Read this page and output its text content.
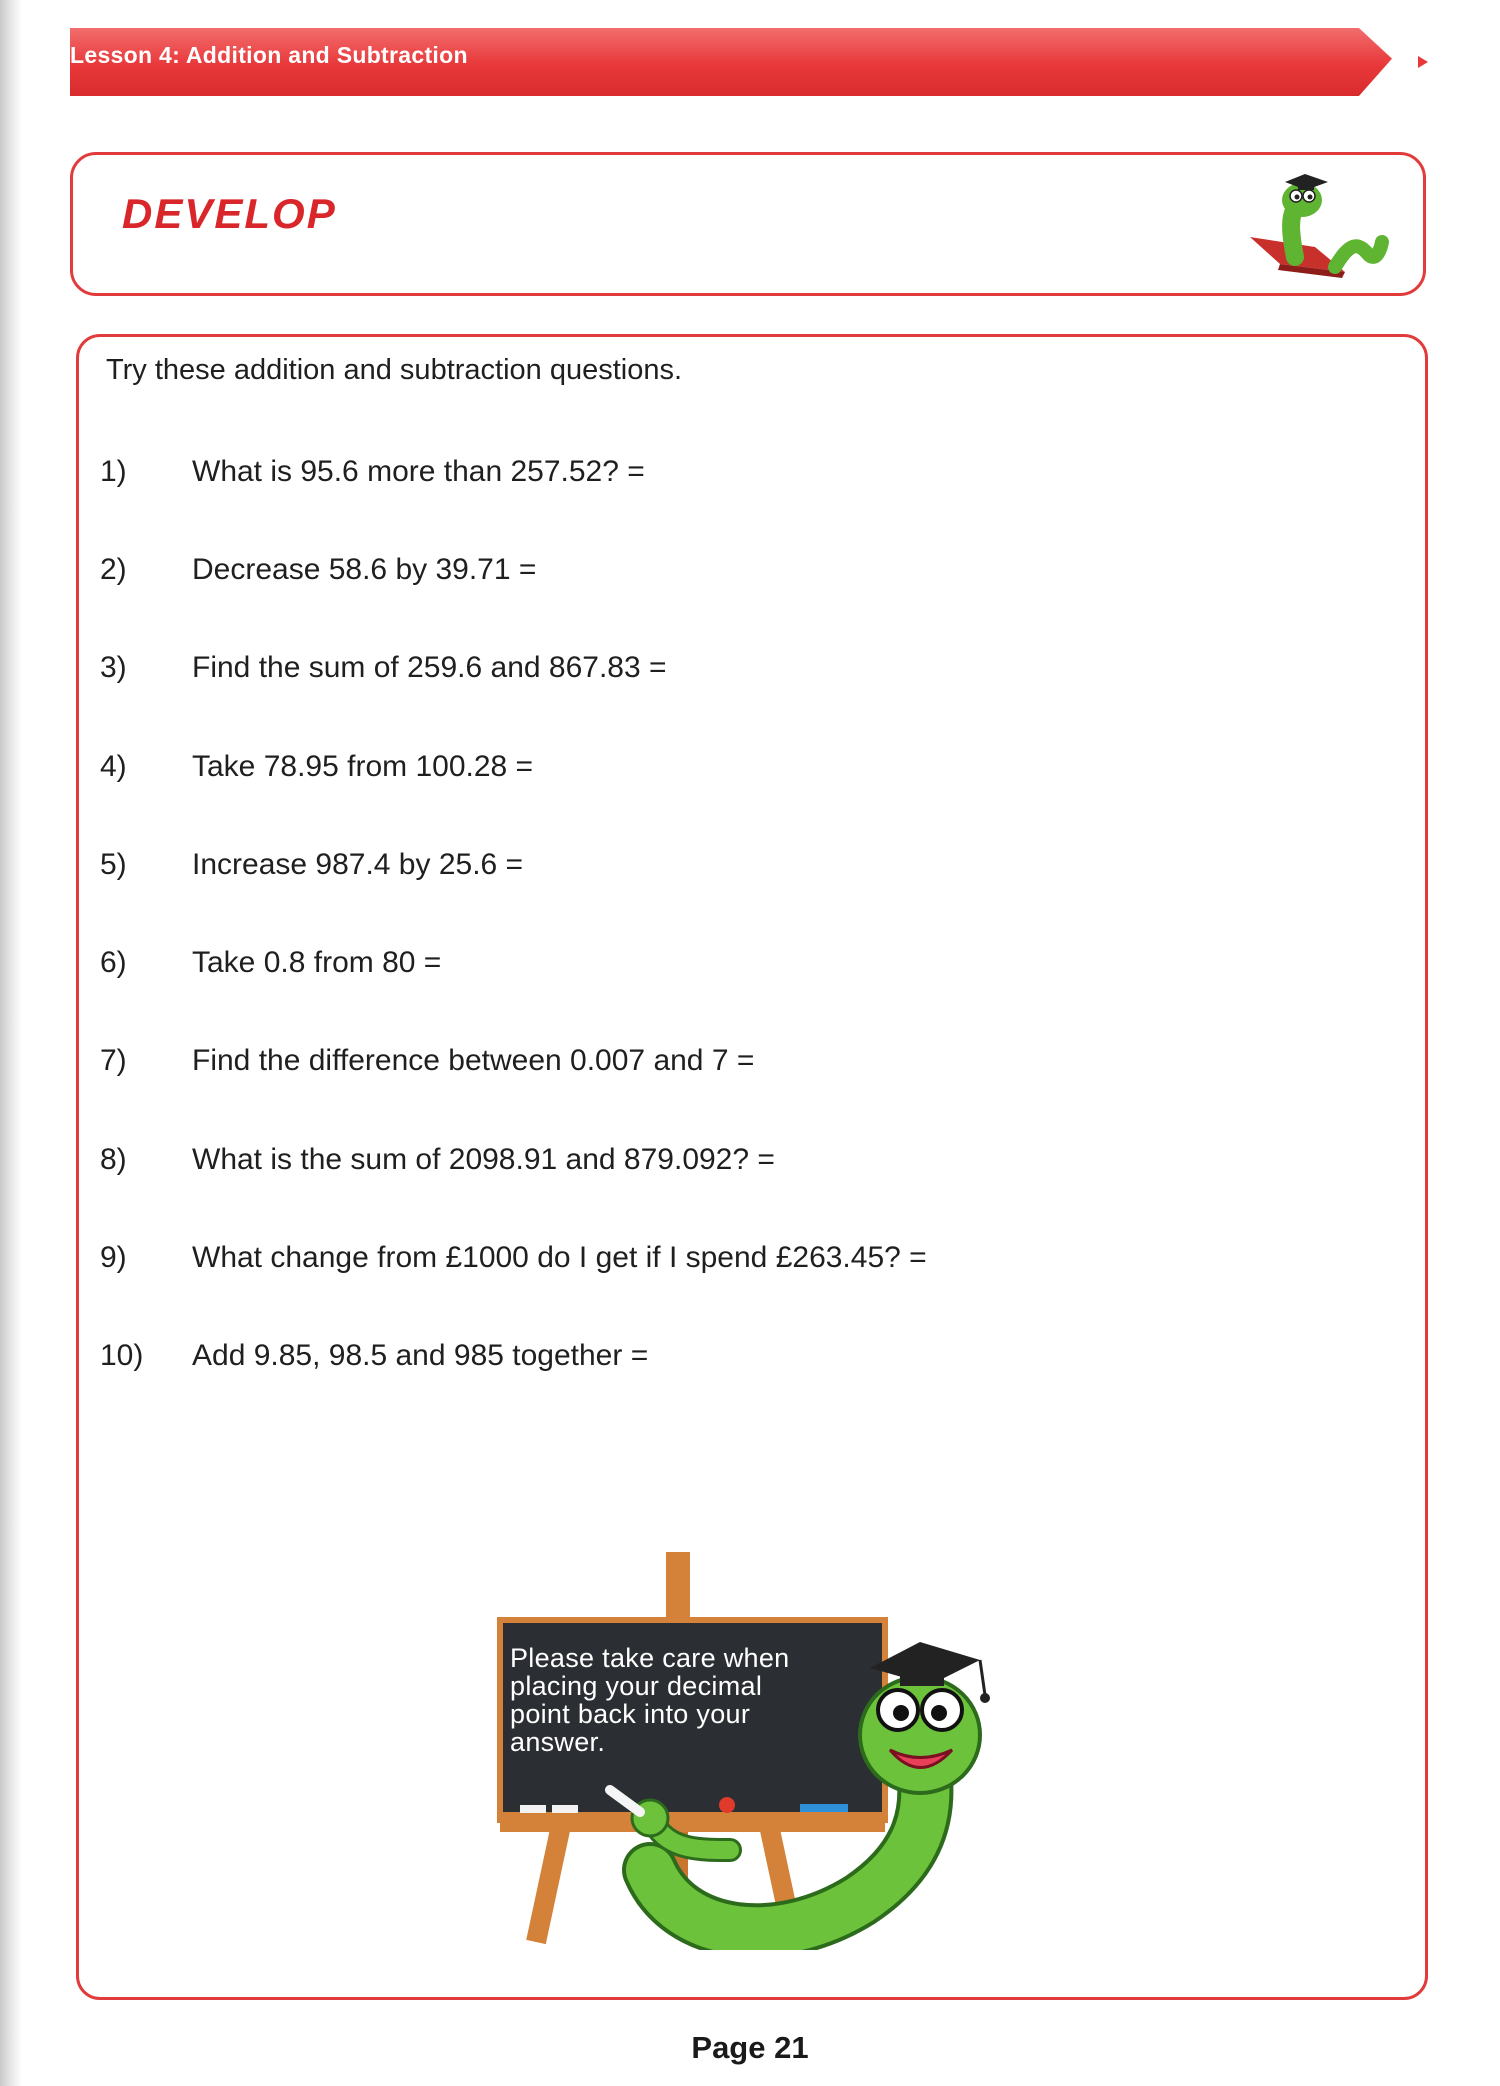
Lesson 4: Addition and Subtraction
DEVELOP
Try these addition and subtraction questions.
1) What is 95.6 more than 257.52? =
2) Decrease 58.6 by 39.71 =
3) Find the sum of 259.6 and 867.83 =
4) Take 78.95 from 100.28 =
5) Increase 987.4 by 25.6 =
6) Take 0.8 from 80 =
7) Find the difference between 0.007 and 7 =
8) What is the sum of 2098.91 and 879.092? =
9) What change from £1000 do I get if I spend £263.45? =
10) Add 9.85, 98.5 and 985 together =
Please take care when
placing your decimal
point back into your
answer.
Page 21
